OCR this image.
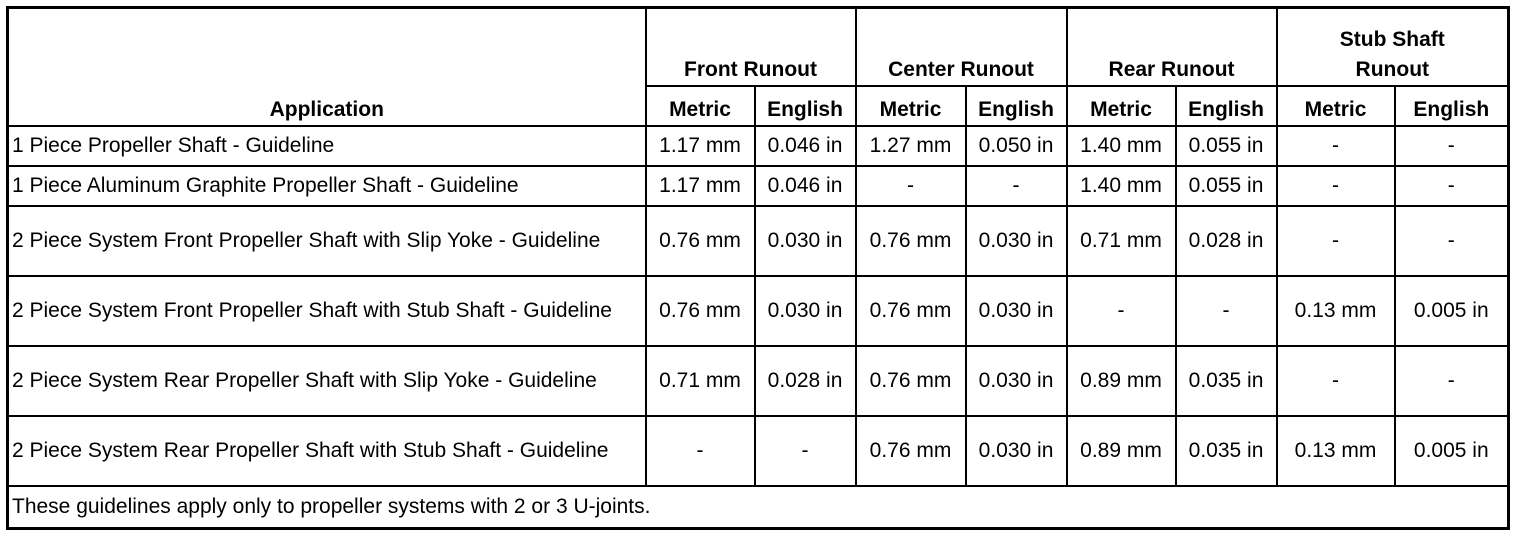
Application	Front Runout		Center Runout		Rear Runout		Stub Shaft Runout	
	Metric	English	Metric	English	Metric	English	Metric	English
1 Piece Propeller Shaft - Guideline	1.17 mm	0.046 in	1.27 mm	0.050 in	1.40 mm	0.055 in	-	-
1 Piece Aluminum Graphite Propeller Shaft - Guideline	1.17 mm	0.046 in	-	-	1.40 mm	0.055 in	-	-
2 Piece System Front Propeller Shaft with Slip Yoke - Guideline	0.76 mm	0.030 in	0.76 mm	0.030 in	0.71 mm	0.028 in	-	-
2 Piece System Front Propeller Shaft with Stub Shaft - Guideline	0.76 mm	0.030 in	0.76 mm	0.030 in	-	-	0.13 mm	0.005 in
2 Piece System Rear Propeller Shaft with Slip Yoke - Guideline	0.71 mm	0.028 in	0.76 mm	0.030 in	0.89 mm	0.035 in	-	-
2 Piece System Rear Propeller Shaft with Stub Shaft - Guideline	-	-	0.76 mm	0.030 in	0.89 mm	0.035 in	0.13 mm	0.005 in
These guidelines apply only to propeller systems with 2 or 3 U-joints.								
